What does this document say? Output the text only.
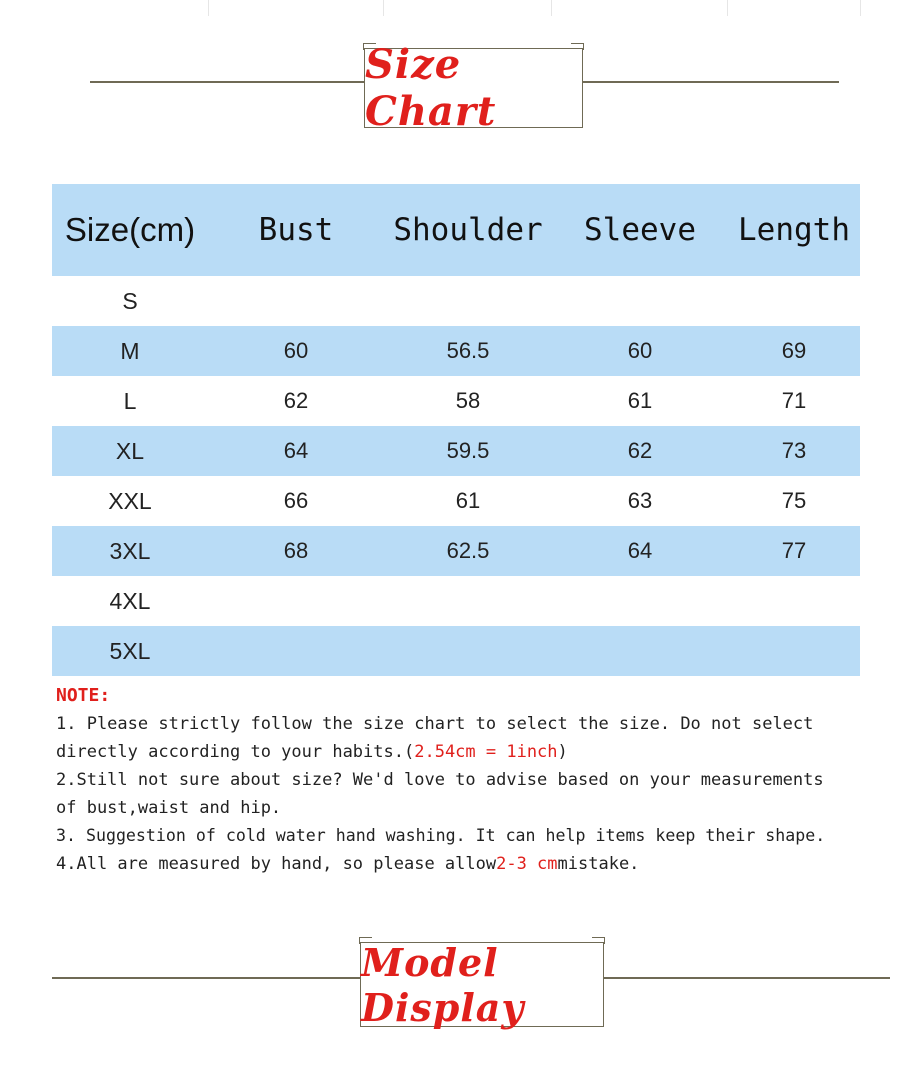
Size Chart
Size(cm)	Bust	Shoulder	Sleeve	Length
S
M	60	56.5	60	69
L	62	58	61	71
XL	64	59.5	62	73
XXL	66	61	63	75
3XL	68	62.5	64	77
4XL
5XL
NOTE:
1. Please strictly follow the size chart to select the size. Do not select
directly according to your habits.(2.54cm = 1inch)
2.Still not sure about size? We'd love to advise based on your measurements
of bust,waist and hip.
3. Suggestion of cold water hand washing. It can help items keep their shape.
4.All are measured by hand, so please allow2-3 cmmistake.
Model Display
